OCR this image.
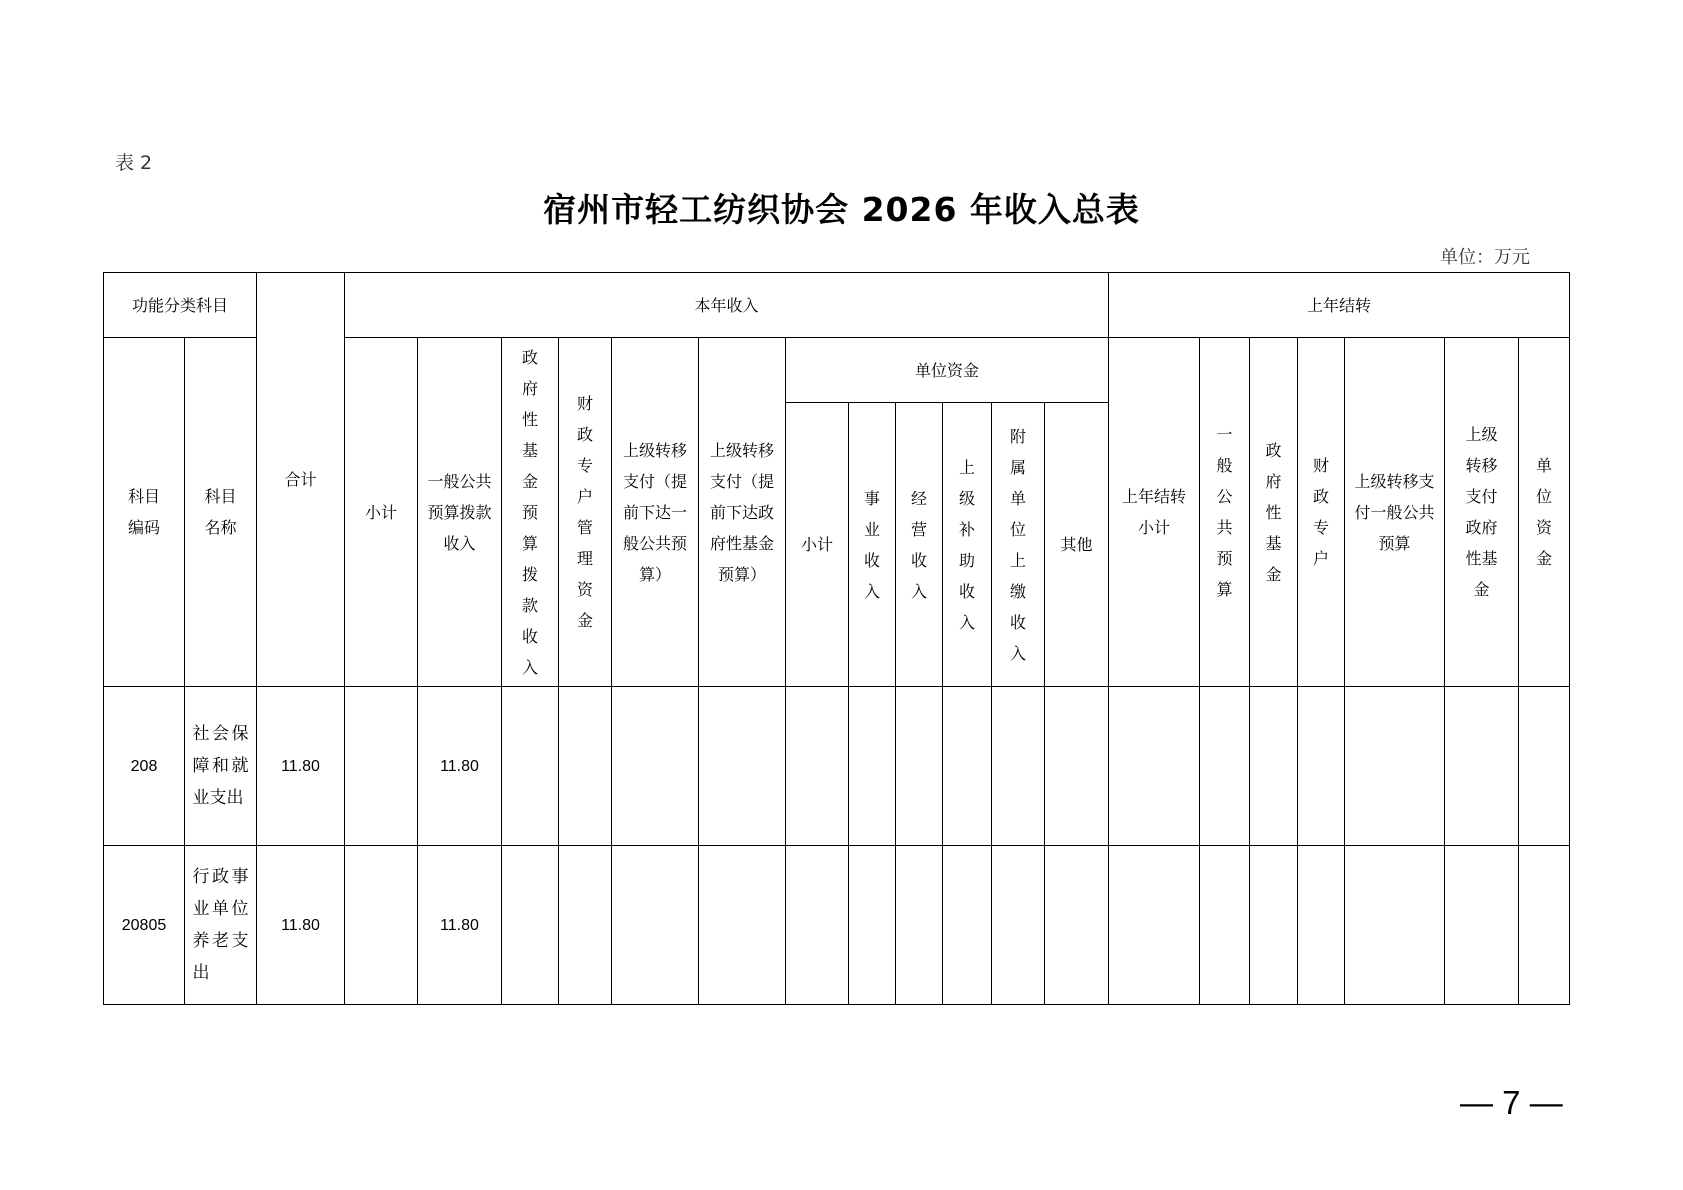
表 2
宿州市轻工纺织协会 2026 年收入总表
单位：万元
功能分类科目		合计	本年收入												上年结转						
科目编码	科目名称		小计	一般公共预算拨款收入	政府性基金预算拨款收入	财政专户管理资金	上级转移支付（提前下达一般公共预算）	上级转移支付（提前下达政府性基金预算）	单位资金						上年结转小计	一般公共预算	政府性基金	财政专户	上级转移支付一般公共预算	上级转移支付政府性基金	单位资金
									小计	事业收入	经营收入	上级补助收入	附属单位上缴收入	其他							
208	社会保障和就业支出	11.80		11.80																	
20805	行政事业单位养老支出	11.80		11.80																	
— 7 —
